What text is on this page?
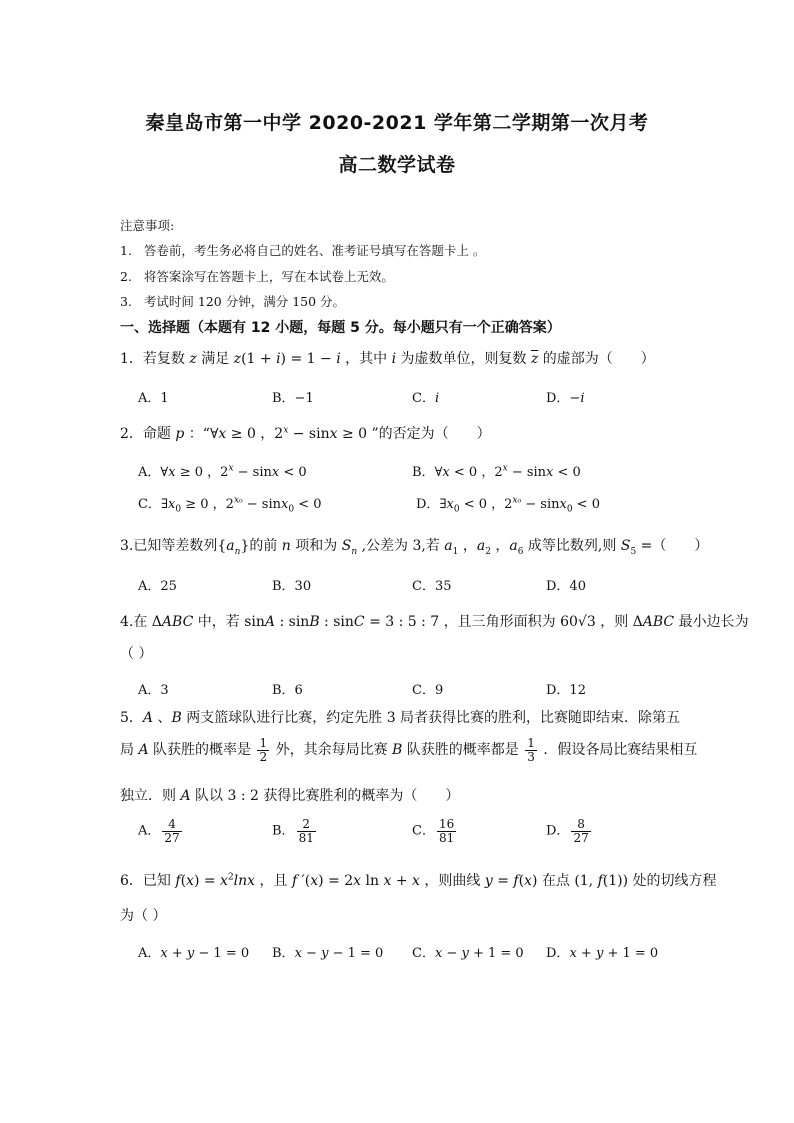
秦皇岛市第一中学 2020-2021 学年第二学期第一次月考
高二数学试卷
注意事项:
1. 答卷前，考生务必将自己的姓名、准考证号填写在答题卡上 。
2. 将答案涂写在答题卡上，写在本试卷上无效。
3. 考试时间 120 分钟，满分 150 分。
一、选择题（本题有 12 小题，每题 5 分。每小题只有一个正确答案）
1．若复数 z 满足 z(1 + i) = 1 − i ，其中 i 为虚数单位，则复数 $\overline{z}$ 的虚部为（　　）
A．1	B．−1	C．i	D．−i
2．命题 p ：“∀x ≥ 0 ，$2^x - \sin x \ge 0$ ”的否定为（　　）
A．∀x ≥ 0 ，$2^x - \sin x < 0$	B．∀x < 0 ，$2^x - \sin x < 0$
C．$\exists x_0 \ge 0$ ，$2^{x_0} - \sin x_0 < 0$	D．$\exists x_0 < 0$ ，$2^{x_0} - \sin x_0 < 0$
3.已知等差数列$\{a_n\}$的前 n 项和为 $S_n$ ,公差为 3,若 $a_1$ ，$a_2$ ，$a_6$ 成等比数列,则 $S_5$ =（　　）
A．25	B．30	C．35	D．40
4.在 ΔABC 中，若 sinA : sinB : sinC = 3 : 5 : 7 ，且三角形面积为 60√3 ，则 ΔABC 最小边长为
（ ）
A．3	B．6	C．9	D．12
5．A 、B 两支篮球队进行比赛，约定先胜 3 局者获得比赛的胜利，比赛随即结束．除第五
局 A 队获胜的概率是 $\frac{1}{2}$ 外，其余每局比赛 B 队获胜的概率都是 $\frac{1}{3}$ ．假设各局比赛结果相互
独立．则 A 队以 3 : 2 获得比赛胜利的概率为（　　）
A． $\frac{4}{27}$	B． $\frac{2}{81}$	C． $\frac{16}{81}$	D． $\frac{8}{27}$
6．已知 $f(x) = x^2\ln x$ ，且 f ′(x) = 2x ln x + x ，则曲线 y = f(x) 在点 (1, f(1)) 处的切线方程
为（ ）
A．x + y − 1 = 0 B．x − y − 1 = 0 C．x − y + 1 = 0 D．x + y + 1 = 0
